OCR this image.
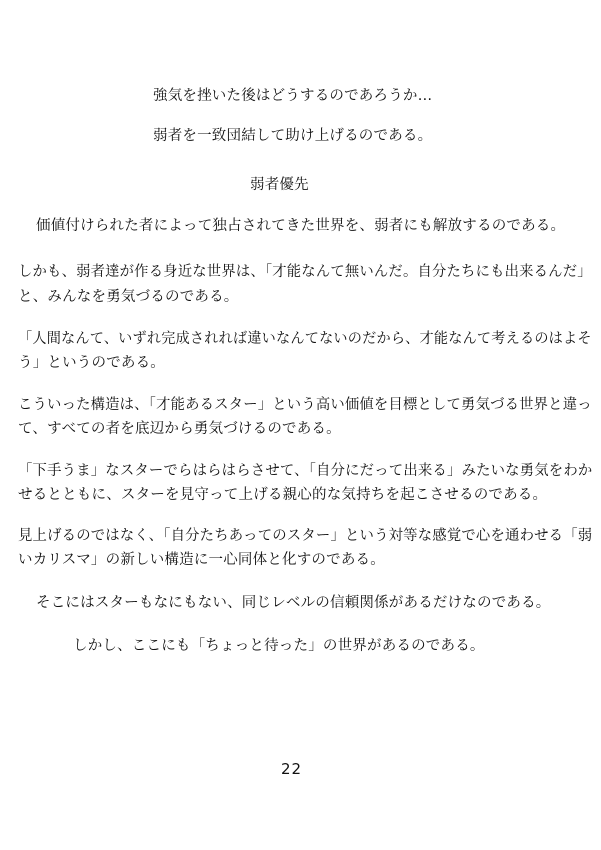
強気を挫いた後はどうするのであろうか…
弱者を一致団結して助け上げるのである。
弱者優先
価値付けられた者によって独占されてきた世界を、弱者にも解放するのである。
しかも、弱者達が作る身近な世界は、「才能なんて無いんだ。自分たちにも出来るんだ」
と、みんなを勇気づるのである。
「人間なんて、いずれ完成されれば違いなんてないのだから、才能なんて考えるのはよそ
う」というのである。
こういった構造は、「才能あるスター」という高い価値を目標として勇気づる世界と違っ
て、すべての者を底辺から勇気づけるのである。
「下手うま」なスターでらはらはらさせて、「自分にだって出来る」みたいな勇気をわか
せるとともに、スターを見守って上げる親心的な気持ちを起こさせるのである。
見上げるのではなく、「自分たちあってのスター」という対等な感覚で心を通わせる「弱
いカリスマ」の新しい構造に一心同体と化すのである。
そこにはスターもなにもない、同じレベルの信頼関係があるだけなのである。
しかし、ここにも「ちょっと待った」の世界があるのである。
22
